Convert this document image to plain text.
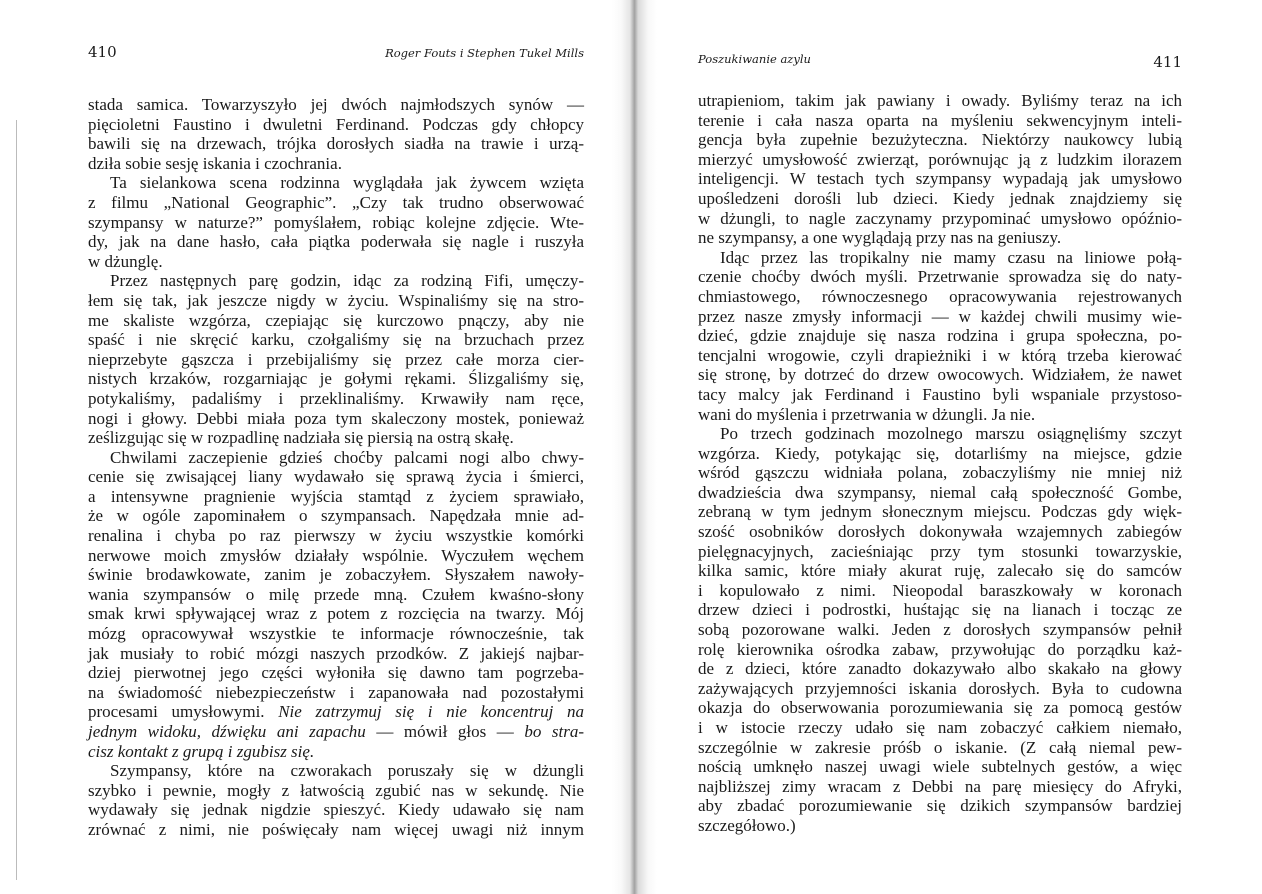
410	Roger Fouts i Stephen Tukel Mills
stada samica. Towarzyszyło jej dwóch najmłodszych synów —
pięcioletni Faustino i dwuletni Ferdinand. Podczas gdy chłopcy
bawili się na drzewach, trójka dorosłych siadła na trawie i urzą-
dziła sobie sesję iskania i czochrania.
Ta sielankowa scena rodzinna wyglądała jak żywcem wzięta
z filmu „National Geographic”. „Czy tak trudno obserwować
szympansy w naturze?” pomyślałem, robiąc kolejne zdjęcie. Wte-
dy, jak na dane hasło, cała piątka poderwała się nagle i ruszyła
w dżunglę.
Przez następnych parę godzin, idąc za rodziną Fifi, umęczy-
łem się tak, jak jeszcze nigdy w życiu. Wspinaliśmy się na stro-
me skaliste wzgórza, czepiając się kurczowo pnączy, aby nie
spaść i nie skręcić karku, czołgaliśmy się na brzuchach przez
nieprzebyte gąszcza i przebijaliśmy się przez całe morza cier-
nistych krzaków, rozgarniając je gołymi rękami. Ślizgaliśmy się,
potykaliśmy, padaliśmy i przeklinaliśmy. Krwawiły nam ręce,
nogi i głowy. Debbi miała poza tym skaleczony mostek, ponieważ
ześlizgując się w rozpadlinę nadziała się piersią na ostrą skałę.
Chwilami zaczepienie gdzieś choćby palcami nogi albo chwy-
cenie się zwisającej liany wydawało się sprawą życia i śmierci,
a intensywne pragnienie wyjścia stamtąd z życiem sprawiało,
że w ogóle zapominałem o szympansach. Napędzała mnie ad-
renalina i chyba po raz pierwszy w życiu wszystkie komórki
nerwowe moich zmysłów działały wspólnie. Wyczułem węchem
świnie brodawkowate, zanim je zobaczyłem. Słyszałem nawoły-
wania szympansów o milę przede mną. Czułem kwaśno-słony
smak krwi spływającej wraz z potem z rozcięcia na twarzy. Mój
mózg opracowywał wszystkie te informacje równocześnie, tak
jak musiały to robić mózgi naszych przodków. Z jakiejś najbar-
dziej pierwotnej jego części wyłoniła się dawno tam pogrzeba-
na świadomość niebezpieczeństw i zapanowała nad pozostałymi
procesami umysłowymi. Nie zatrzymuj się i nie koncentruj na
jednym widoku, dźwięku ani zapachu — mówił głos — bo stra-
cisz kontakt z grupą i zgubisz się.
Szympansy, które na czworakach poruszały się w dżungli
szybko i pewnie, mogły z łatwością zgubić nas w sekundę. Nie
wydawały się jednak nigdzie spieszyć. Kiedy udawało się nam
zrównać z nimi, nie poświęcały nam więcej uwagi niż innym
411
Poszukiwanie azylu
utrapieniom, takim jak pawiany i owady. Byliśmy teraz na ich
terenie i cała nasza oparta na myśleniu sekwencyjnym inteli-
gencja była zupełnie bezużyteczna. Niektórzy naukowcy lubią
mierzyć umysłowość zwierząt, porównując ją z ludzkim ilorazem
inteligencji. W testach tych szympansy wypadają jak umysłowo
upośledzeni dorośli lub dzieci. Kiedy jednak znajdziemy się
w dżungli, to nagle zaczynamy przypominać umysłowo opóźnio-
ne szympansy, a one wyglądają przy nas na geniuszy.
Idąc przez las tropikalny nie mamy czasu na liniowe połą-
czenie choćby dwóch myśli. Przetrwanie sprowadza się do naty-
chmiastowego, równoczesnego opracowywania rejestrowanych
przez nasze zmysły informacji — w każdej chwili musimy wie-
dzieć, gdzie znajduje się nasza rodzina i grupa społeczna, po-
tencjalni wrogowie, czyli drapieżniki i w którą trzeba kierować
się stronę, by dotrzeć do drzew owocowych. Widziałem, że nawet
tacy malcy jak Ferdinand i Faustino byli wspaniale przystoso-
wani do myślenia i przetrwania w dżungli. Ja nie.
Po trzech godzinach mozolnego marszu osiągnęliśmy szczyt
wzgórza. Kiedy, potykając się, dotarliśmy na miejsce, gdzie
wśród gąszczu widniała polana, zobaczyliśmy nie mniej niż
dwadzieścia dwa szympansy, niemal całą społeczność Gombe,
zebraną w tym jednym słonecznym miejscu. Podczas gdy więk-
szość osobników dorosłych dokonywała wzajemnych zabiegów
pielęgnacyjnych, zacieśniając przy tym stosunki towarzyskie,
kilka samic, które miały akurat ruję, zalecało się do samców
i kopulowało z nimi. Nieopodal baraszkowały w koronach
drzew dzieci i podrostki, huśtając się na lianach i tocząc ze
sobą pozorowane walki. Jeden z dorosłych szympansów pełnił
rolę kierownika ośrodka zabaw, przywołując do porządku każ-
de z dzieci, które zanadto dokazywało albo skakało na głowy
zażywających przyjemności iskania dorosłych. Była to cudowna
okazja do obserwowania porozumiewania się za pomocą gestów
i w istocie rzeczy udało się nam zobaczyć całkiem niemało,
szczególnie w zakresie próśb o iskanie. (Z całą niemal pew-
nością umknęło naszej uwagi wiele subtelnych gestów, a więc
najbliższej zimy wracam z Debbi na parę miesięcy do Afryki,
aby zbadać porozumiewanie się dzikich szympansów bardziej
szczegółowo.)
